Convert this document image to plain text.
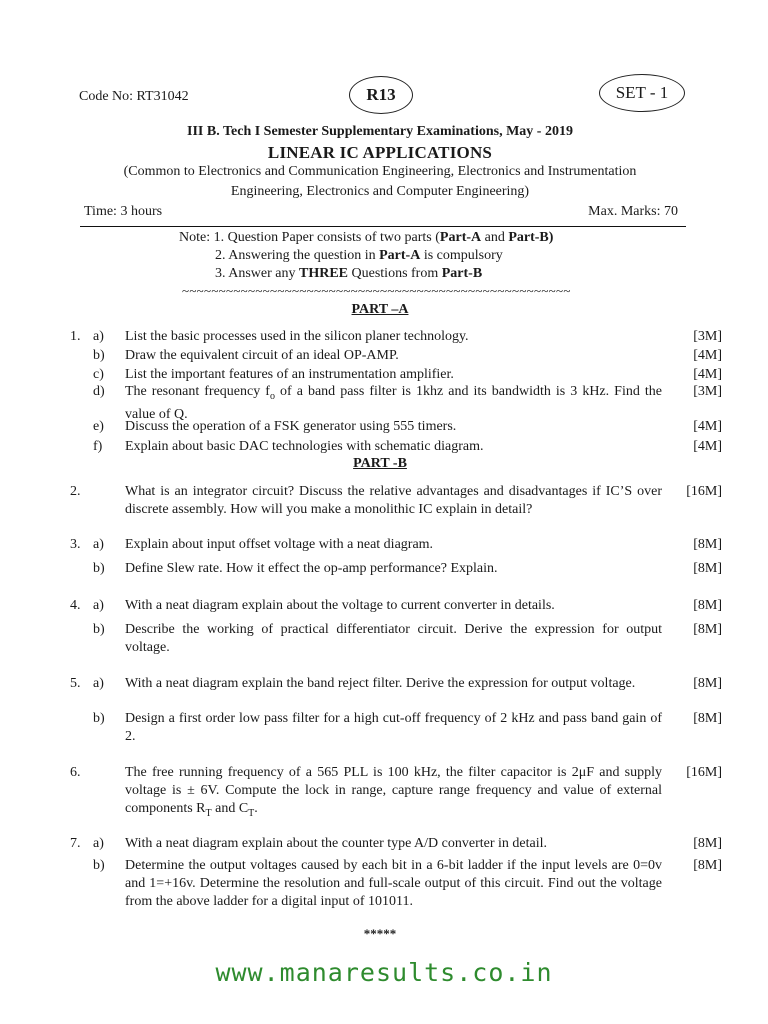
Code No: RT31042	R13	SET - 1
III B. Tech I Semester Supplementary Examinations, May - 2019
LINEAR IC APPLICATIONS
(Common to Electronics and Communication Engineering, Electronics and Instrumentation
Engineering, Electronics and Computer Engineering)
Time: 3 hours	Max. Marks: 70
Note: 1. Question Paper consists of two parts (Part-A and Part-B)
2. Answering the question in Part-A is compulsory
3. Answer any THREE Questions from Part-B
~~~~~~~~~~~~~~~~~~~~~~~~~~~~~~~~~~~~~~~~~~~~~~~~~~~~~
PART –A
1. a) List the basic processes used in the silicon planer technology.	[3M]
b) Draw the equivalent circuit of an ideal OP-AMP.	[4M]
c) List the important features of an instrumentation amplifier.	[4M]
d) The resonant frequency $f_o$ of a band pass filter is 1khz and its bandwidth is 3 kHz. Find the value of Q.
[3M]
e) Discuss the operation of a FSK generator using 555 timers.	[4M]
f) Explain about basic DAC technologies with schematic diagram.	[4M]
PART -B
2.	What is an integrator circuit? Discuss the relative advantages and disadvantages if IC’S over discrete assembly. How will you make a monolithic IC explain in detail?
[16M]
3. a) Explain about input offset voltage with a neat diagram.	[8M]
b) Define Slew rate. How it effect the op-amp performance? Explain.	[8M]
4. a) With a neat diagram explain about the voltage to current converter in details.	[8M]
b) Describe the working of practical differentiator circuit. Derive the expression for output voltage.
[8M]
5. a) With a neat diagram explain the band reject filter. Derive the expression for output voltage.	[8M]
b) Design a first order low pass filter for a high cut-off frequency of 2 kHz and pass band gain of 2.
[8M]
6.	The free running frequency of a 565 PLL is 100 kHz, the filter capacitor is 2μF and supply voltage is ± 6V. Compute the lock in range, capture range frequency and value of external components $R_T$ and $C_T$.
[16M]
7. a) With a neat diagram explain about the counter type A/D converter in detail.	[8M]
b) Determine the output voltages caused by each bit in a 6-bit ladder if the input levels are 0=0v and 1=+16v. Determine the resolution and full-scale output of this circuit. Find out the voltage from the above ladder for a digital input of 101011.
[8M]
*****
www.manaresults.co.in
